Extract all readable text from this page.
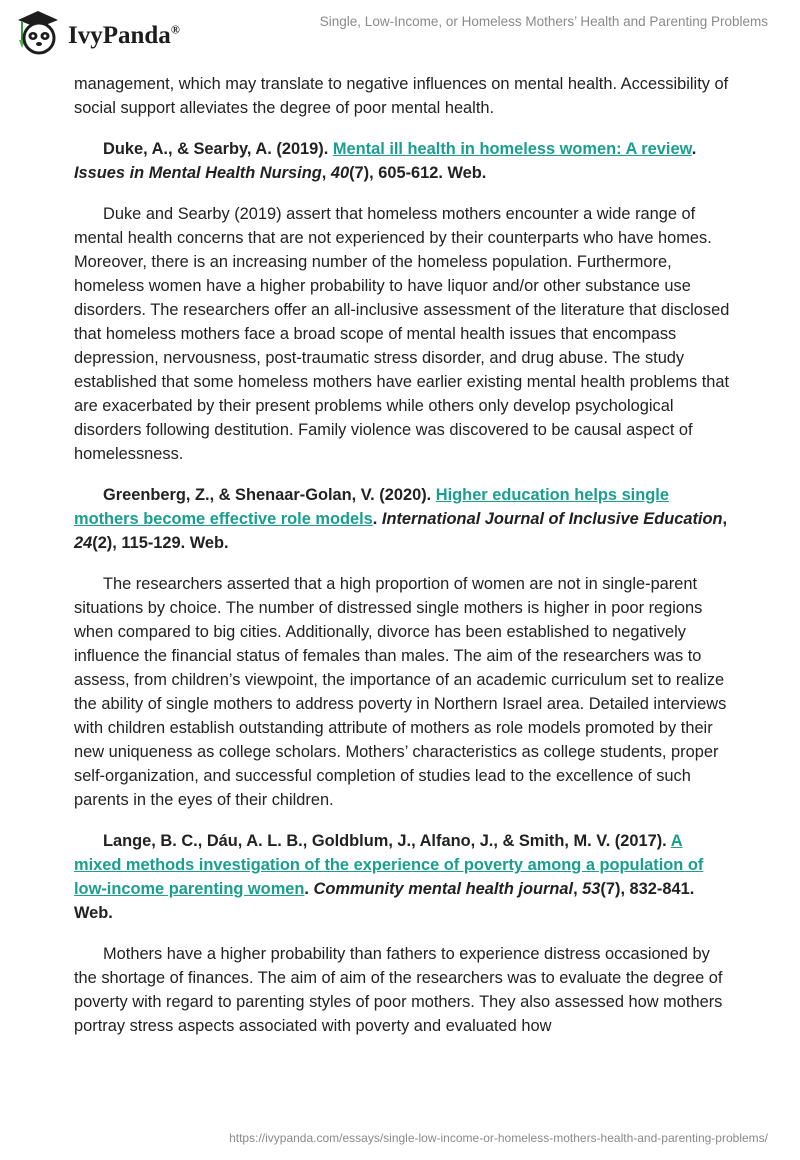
IvyPanda®
Single, Low-Income, or Homeless Mothers’ Health and Parenting Problems

management, which may translate to negative influences on mental health. Accessibility of social support alleviates the degree of poor mental health.

Duke, A., & Searby, A. (2019). Mental ill health in homeless women: A review. Issues in Mental Health Nursing, 40(7), 605-612. Web.

Duke and Searby (2019) assert that homeless mothers encounter a wide range of mental health concerns that are not experienced by their counterparts who have homes. Moreover, there is an increasing number of the homeless population. Furthermore, homeless women have a higher probability to have liquor and/or other substance use disorders. The researchers offer an all-inclusive assessment of the literature that disclosed that homeless mothers face a broad scope of mental health issues that encompass depression, nervousness, post-traumatic stress disorder, and drug abuse. The study established that some homeless mothers have earlier existing mental health problems that are exacerbated by their present problems while others only develop psychological disorders following destitution. Family violence was discovered to be causal aspect of homelessness.

Greenberg, Z., & Shenaar-Golan, V. (2020). Higher education helps single mothers become effective role models. International Journal of Inclusive Education, 24(2), 115-129. Web.

The researchers asserted that a high proportion of women are not in single-parent situations by choice. The number of distressed single mothers is higher in poor regions when compared to big cities. Additionally, divorce has been established to negatively influence the financial status of females than males. The aim of the researchers was to assess, from children’s viewpoint, the importance of an academic curriculum set to realize the ability of single mothers to address poverty in Northern Israel area. Detailed interviews with children establish outstanding attribute of mothers as role models promoted by their new uniqueness as college scholars. Mothers’ characteristics as college students, proper self-organization, and successful completion of studies lead to the excellence of such parents in the eyes of their children.

Lange, B. C., Dáu, A. L. B., Goldblum, J., Alfano, J., & Smith, M. V. (2017). A mixed methods investigation of the experience of poverty among a population of low-income parenting women. Community mental health journal, 53(7), 832-841. Web.

Mothers have a higher probability than fathers to experience distress occasioned by the shortage of finances. The aim of aim of the researchers was to evaluate the degree of poverty with regard to parenting styles of poor mothers. They also assessed how mothers portray stress aspects associated with poverty and evaluated how

https://ivypanda.com/essays/single-low-income-or-homeless-mothers-health-and-parenting-problems/
